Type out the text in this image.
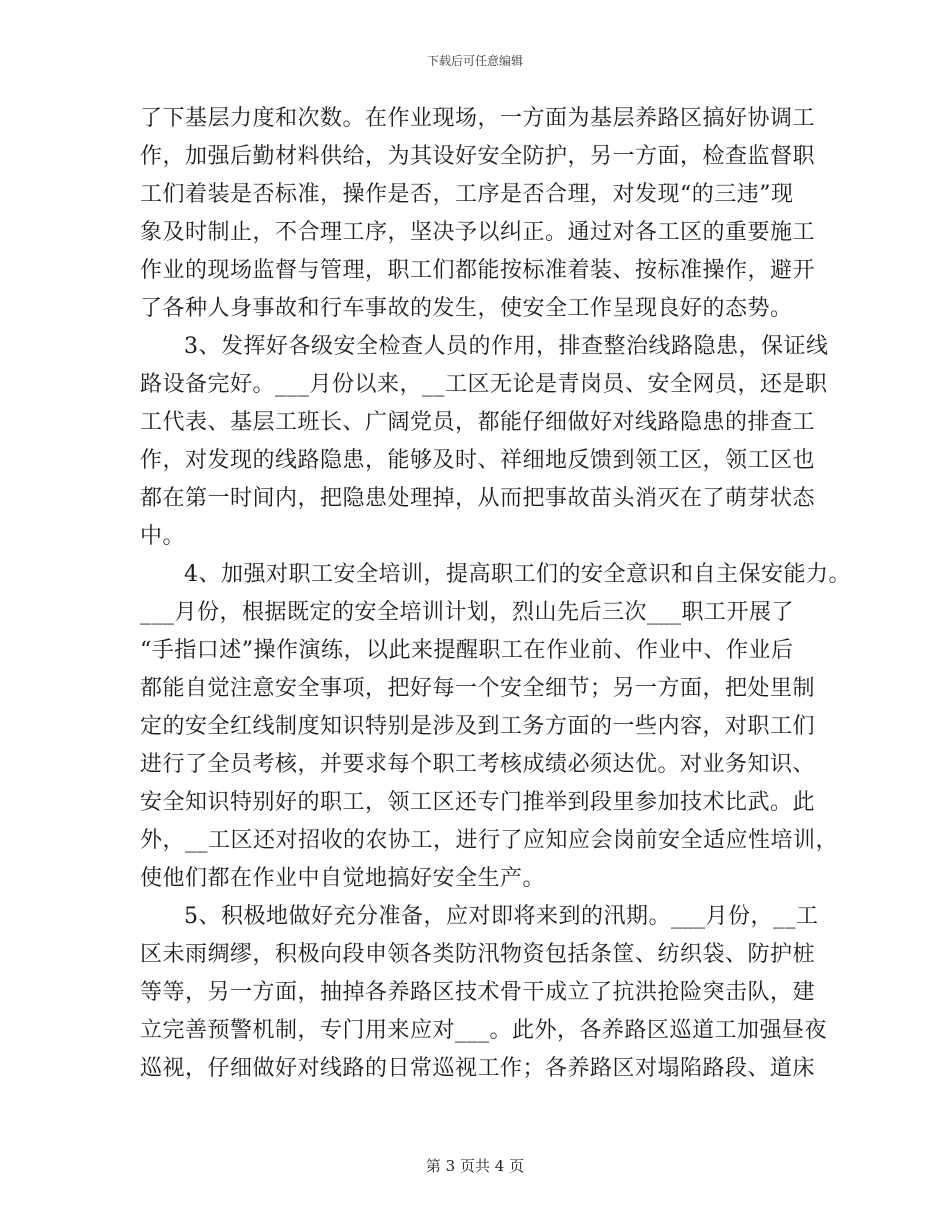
下载后可任意编辑
了下基层力度和次数。在作业现场，一方面为基层养路区搞好协调工
作，加强后勤材料供给，为其设好安全防护，另一方面，检查监督职
工们着装是否标准，操作是否，工序是否合理，对发现“的三违”现
象及时制止，不合理工序，坚决予以纠正。通过对各工区的重要施工
作业的现场监督与管理，职工们都能按标准着装、按标准操作，避开
了各种人身事故和行车事故的发生，使安全工作呈现良好的态势。
3、发挥好各级安全检查人员的作用，排查整治线路隐患，保证线
路设备完好。___月份以来，__工区无论是青岗员、安全网员，还是职
工代表、基层工班长、广阔党员，都能仔细做好对线路隐患的排查工
作，对发现的线路隐患，能够及时、祥细地反馈到领工区，领工区也
都在第一时间内，把隐患处理掉，从而把事故苗头消灭在了萌芽状态
中。
4、加强对职工安全培训，提高职工们的安全意识和自主保安能力。
___月份，根据既定的安全培训计划，烈山先后三次___职工开展了
“手指口述”操作演练，以此来提醒职工在作业前、作业中、作业后
都能自觉注意安全事项，把好每一个安全细节；另一方面，把处里制
定的安全红线制度知识特别是涉及到工务方面的一些内容，对职工们
进行了全员考核，并要求每个职工考核成绩必须达优。对业务知识、
安全知识特别好的职工，领工区还专门推举到段里参加技术比武。此
外，__工区还对招收的农协工，进行了应知应会岗前安全适应性培训，
使他们都在作业中自觉地搞好安全生产。
5、积极地做好充分准备，应对即将来到的汛期。___月份，__工
区未雨绸缪，积极向段申领各类防汛物资包括条筐、纺织袋、防护桩
等等，另一方面，抽掉各养路区技术骨干成立了抗洪抢险突击队，建
立完善预警机制，专门用来应对___。此外，各养路区巡道工加强昼夜
巡视，仔细做好对线路的日常巡视工作；各养路区对塌陷路段、道床
第 3 页共 4 页
